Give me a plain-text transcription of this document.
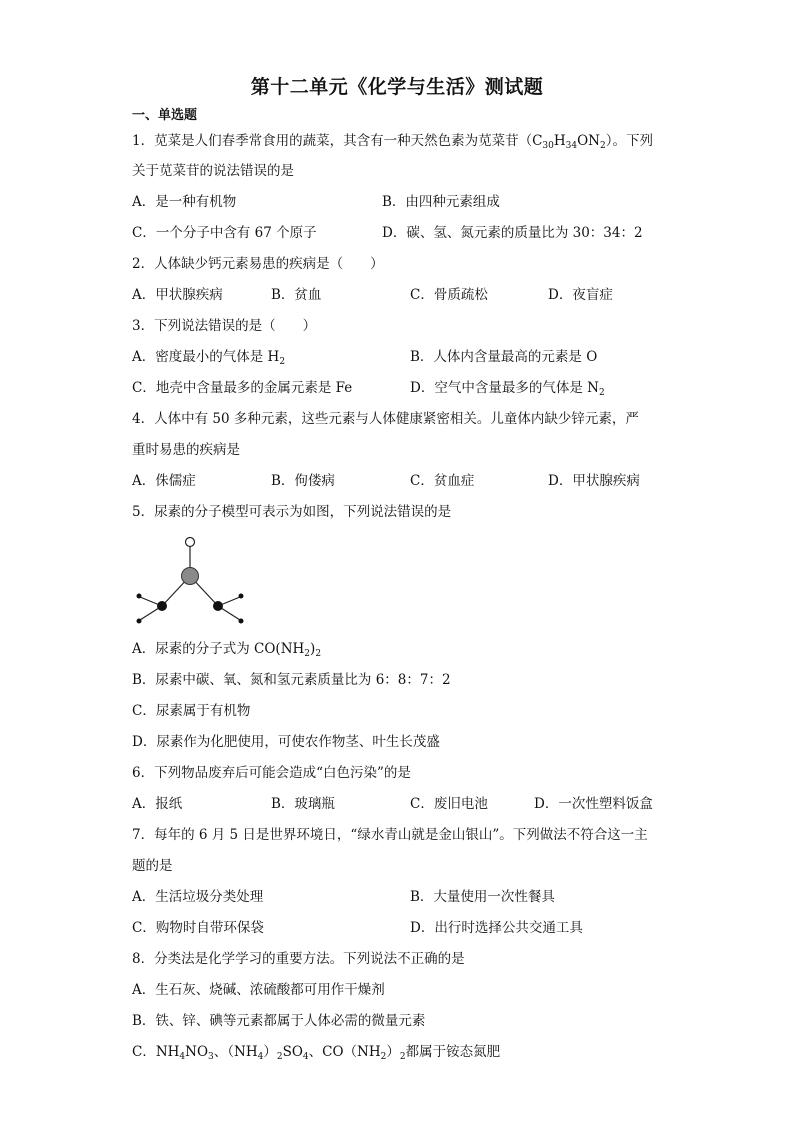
第十二单元《化学与生活》测试题
一、单选题
1．苋菜是人们春季常食用的蔬菜，其含有一种天然色素为苋菜苷$(C_{30}H_{34}ON_2)$。下列
关于苋菜苷的说法错误的是
A．是一种有机物	B．由四种元素组成
C．一个分子中含有 67 个原子	D．碳、氢、氮元素的质量比为 30：34：2
2．人体缺少钙元素易患的疾病是（　　）
A．甲状腺疾病	B．贫血	C．骨质疏松	D．夜盲症
3．下列说法错误的是（　　）
A．密度最小的气体是 $H_2$	B．人体内含量最高的元素是 O
C．地壳中含量最多的金属元素是 Fe	D．空气中含量最多的气体是 $N_2$
4．人体中有 50 多种元素，这些元素与人体健康紧密相关。儿童体内缺少锌元素，严
重时易患的疾病是
A．侏儒症	B．佝偻病	C．贫血症	D．甲状腺疾病
5．尿素的分子模型可表示为如图，下列说法错误的是
A．尿素的分子式为 $CO(NH_2)_2$
B．尿素中碳、氧、氮和氢元素质量比为 6：8：7：2
C．尿素属于有机物
D．尿素作为化肥使用，可使农作物茎、叶生长茂盛
6．下列物品废弃后可能会造成“白色污染”的是
A．报纸	B．玻璃瓶	C．废旧电池	D．一次性塑料饭盒
7．每年的 6 月 5 日是世界环境日，“绿水青山就是金山银山”。下列做法不符合这一主
题的是
A．生活垃圾分类处理	B．大量使用一次性餐具
C．购物时自带环保袋	D．出行时选择公共交通工具
8．分类法是化学学习的重要方法。下列说法不正确的是
A．生石灰、烧碱、浓硫酸都可用作干燥剂
B．铁、锌、碘等元素都属于人体必需的微量元素
C．$NH_4NO_3$、$(NH_4)_2SO_4$、$CO(NH_2)_2$都属于铵态氮肥
